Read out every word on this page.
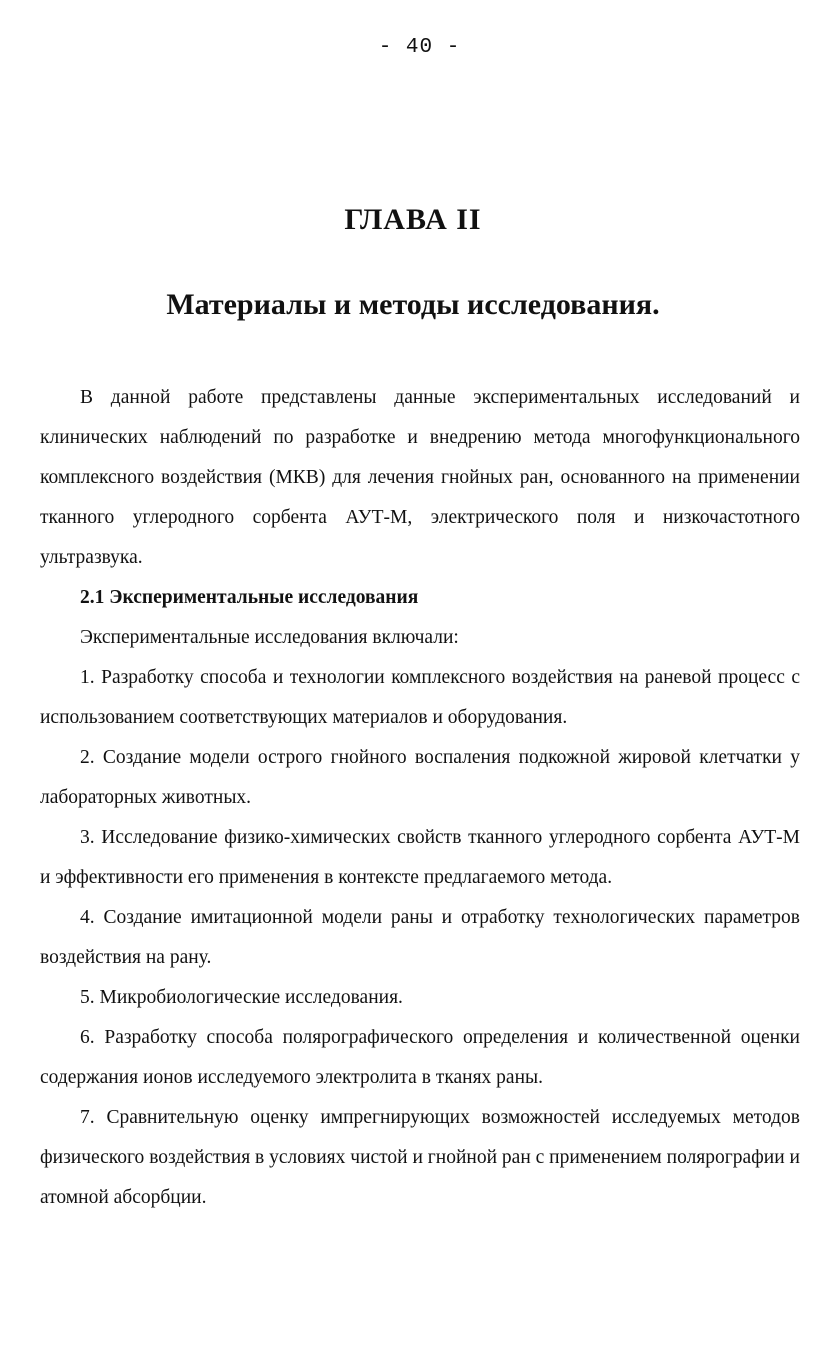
- 40 -
ГЛАВА II
Материалы и методы исследования.

В данной работе представлены данные экспериментальных исследований и клинических наблюдений по разработке и внедрению метода многофункционального комплексного воздействия (МКВ) для лечения гнойных ран, основанного на применении тканного углеродного сорбента АУТ-М, электрического поля и низкочастотного ультразвука.

2.1 Экспериментальные исследования

Экспериментальные исследования включали:

1. Разработку способа и технологии комплексного воздействия на раневой процесс с использованием соответствующих материалов и оборудования.

2. Создание модели острого гнойного воспаления подкожной жировой клетчатки у лабораторных животных.

3. Исследование физико-химических свойств тканного углеродного сорбента АУТ-М и эффективности его применения в контексте предлагаемого метода.

4. Создание имитационной модели раны и отработку технологических параметров воздействия на рану.

5. Микробиологические исследования.

6. Разработку способа полярографического определения и количественной оценки содержания ионов исследуемого электролита в тканях раны.

7. Сравнительную оценку импрегнирующих возможностей исследуемых методов физического воздействия в условиях чистой и гнойной ран с применением полярографии и атомной абсорбции.
